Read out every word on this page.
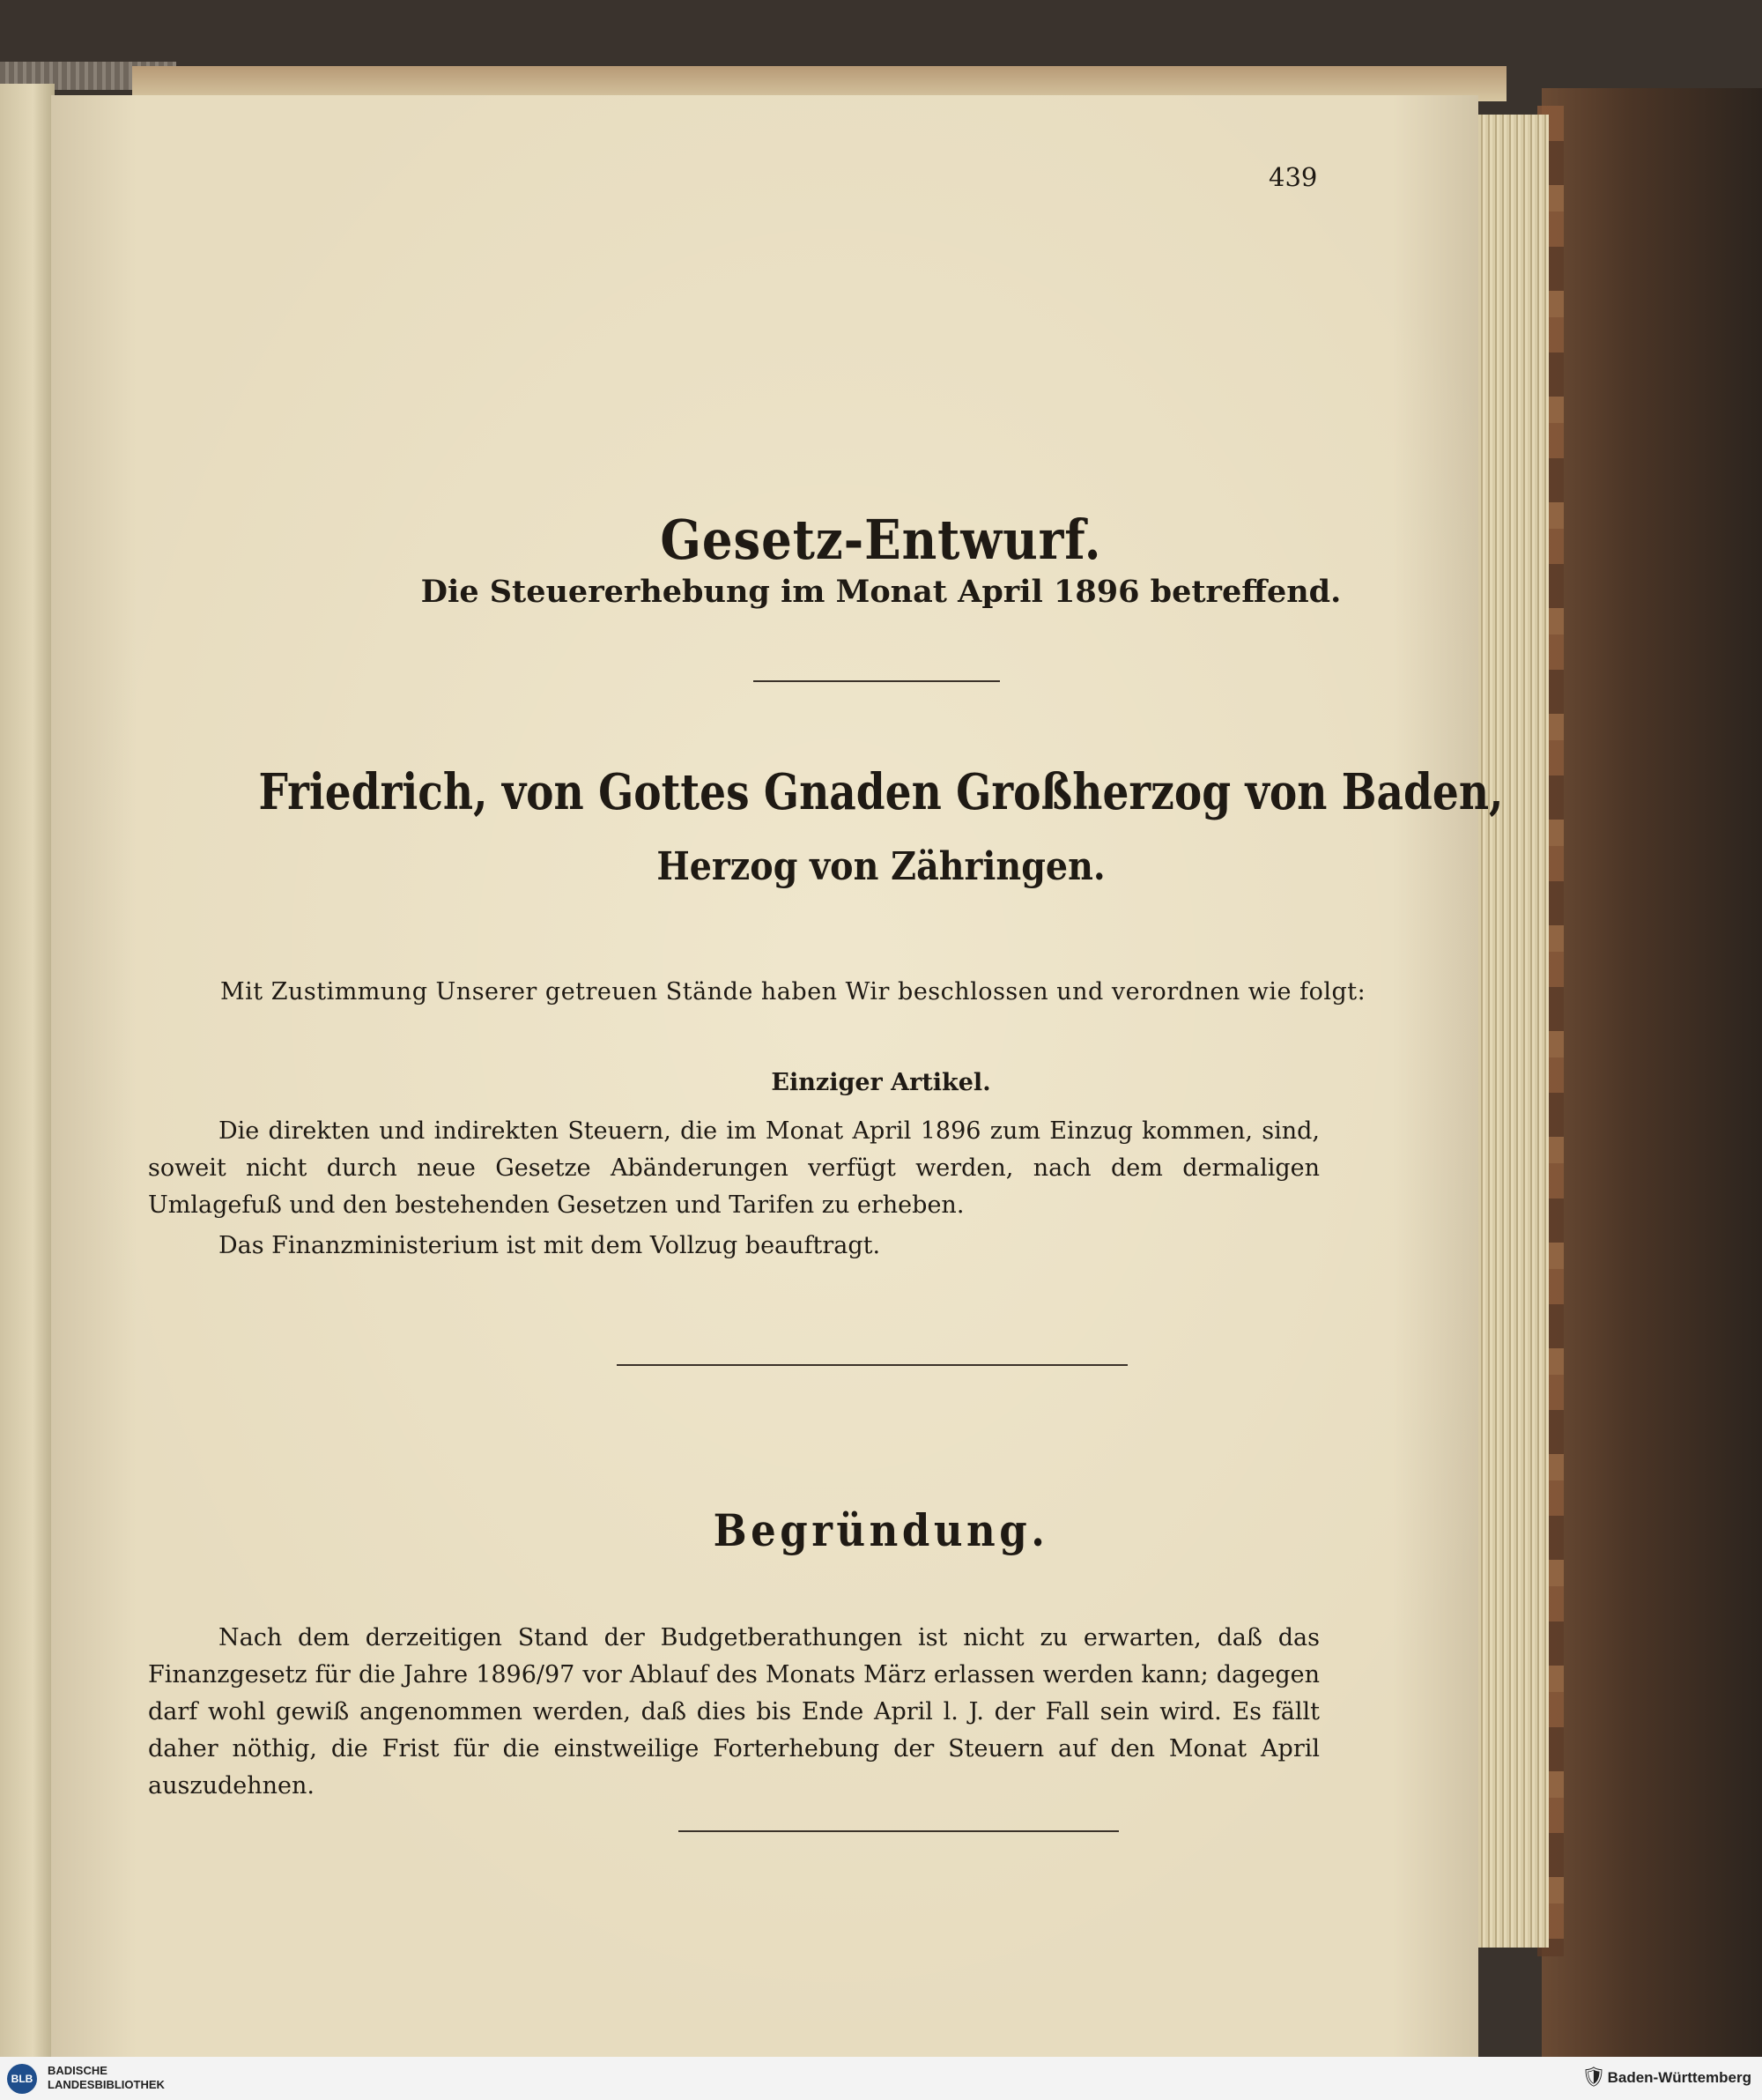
439
Gesetz-Entwurf.
Die Steuererhebung im Monat April 1896 betreffend.
Friedrich, von Gottes Gnaden Großherzog von Baden,
Herzog von Zähringen.
Mit Zustimmung Unserer getreuen Stände haben Wir beschlossen und verordnen wie folgt:
Einziger Artikel.
Die direkten und indirekten Steuern, die im Monat April 1896 zum Einzug kommen, sind, soweit nicht durch neue Gesetze Abänderungen verfügt werden, nach dem dermaligen Umlagefuß und den bestehenden Gesetzen und Tarifen zu erheben.
Das Finanzministerium ist mit dem Vollzug beauftragt.
Begründung.
Nach dem derzeitigen Stand der Budgetberathungen ist nicht zu erwarten, daß das Finanzgesetz für die Jahre 1896/97 vor Ablauf des Monats März erlassen werden kann; dagegen darf wohl gewiß angenommen werden, daß dies bis Ende April l. J. der Fall sein wird. Es fällt daher nöthig, die Frist für die einstweilige Forterhebung der Steuern auf den Monat April auszudehnen.
BLB
BADISCHE
LANDESBIBLIOTHEK	🛡 Baden-Württemberg
